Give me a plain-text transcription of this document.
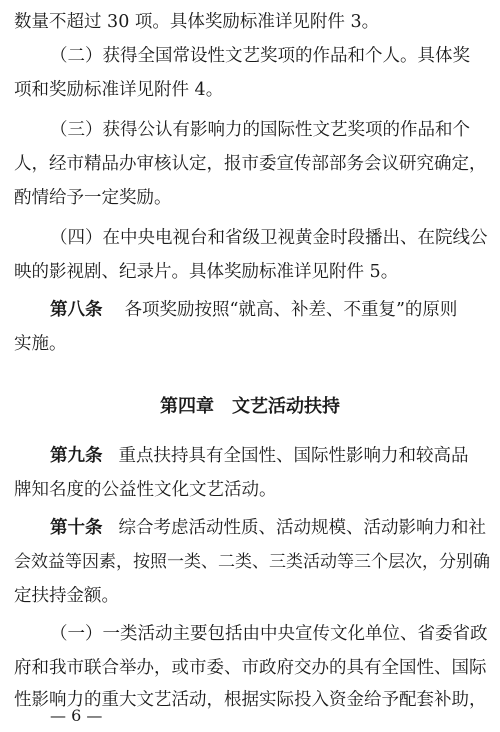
数量不超过 30 项。具体奖励标准详见附件 3。
（二）获得全国常设性文艺奖项的作品和个人。具体奖
项和奖励标准详见附件 4。
（三）获得公认有影响力的国际性文艺奖项的作品和个
人，经市精品办审核认定，报市委宣传部部务会议研究确定，
酌情给予一定奖励。
（四）在中央电视台和省级卫视黄金时段播出、在院线公
映的影视剧、纪录片。具体奖励标准详见附件 5。
第八条 各项奖励按照“就高、补差、不重复”的原则
实施。
第四章 文艺活动扶持
第九条 重点扶持具有全国性、国际性影响力和较高品
牌知名度的公益性文化文艺活动。
第十条 综合考虑活动性质、活动规模、活动影响力和社
会效益等因素，按照一类、二类、三类活动等三个层次，分别确
定扶持金额。
（一）一类活动主要包括由中央宣传文化单位、省委省政
府和我市联合举办，或市委、市政府交办的具有全国性、国际
性影响力的重大文艺活动，根据实际投入资金给予配套补助，
— 6 —
